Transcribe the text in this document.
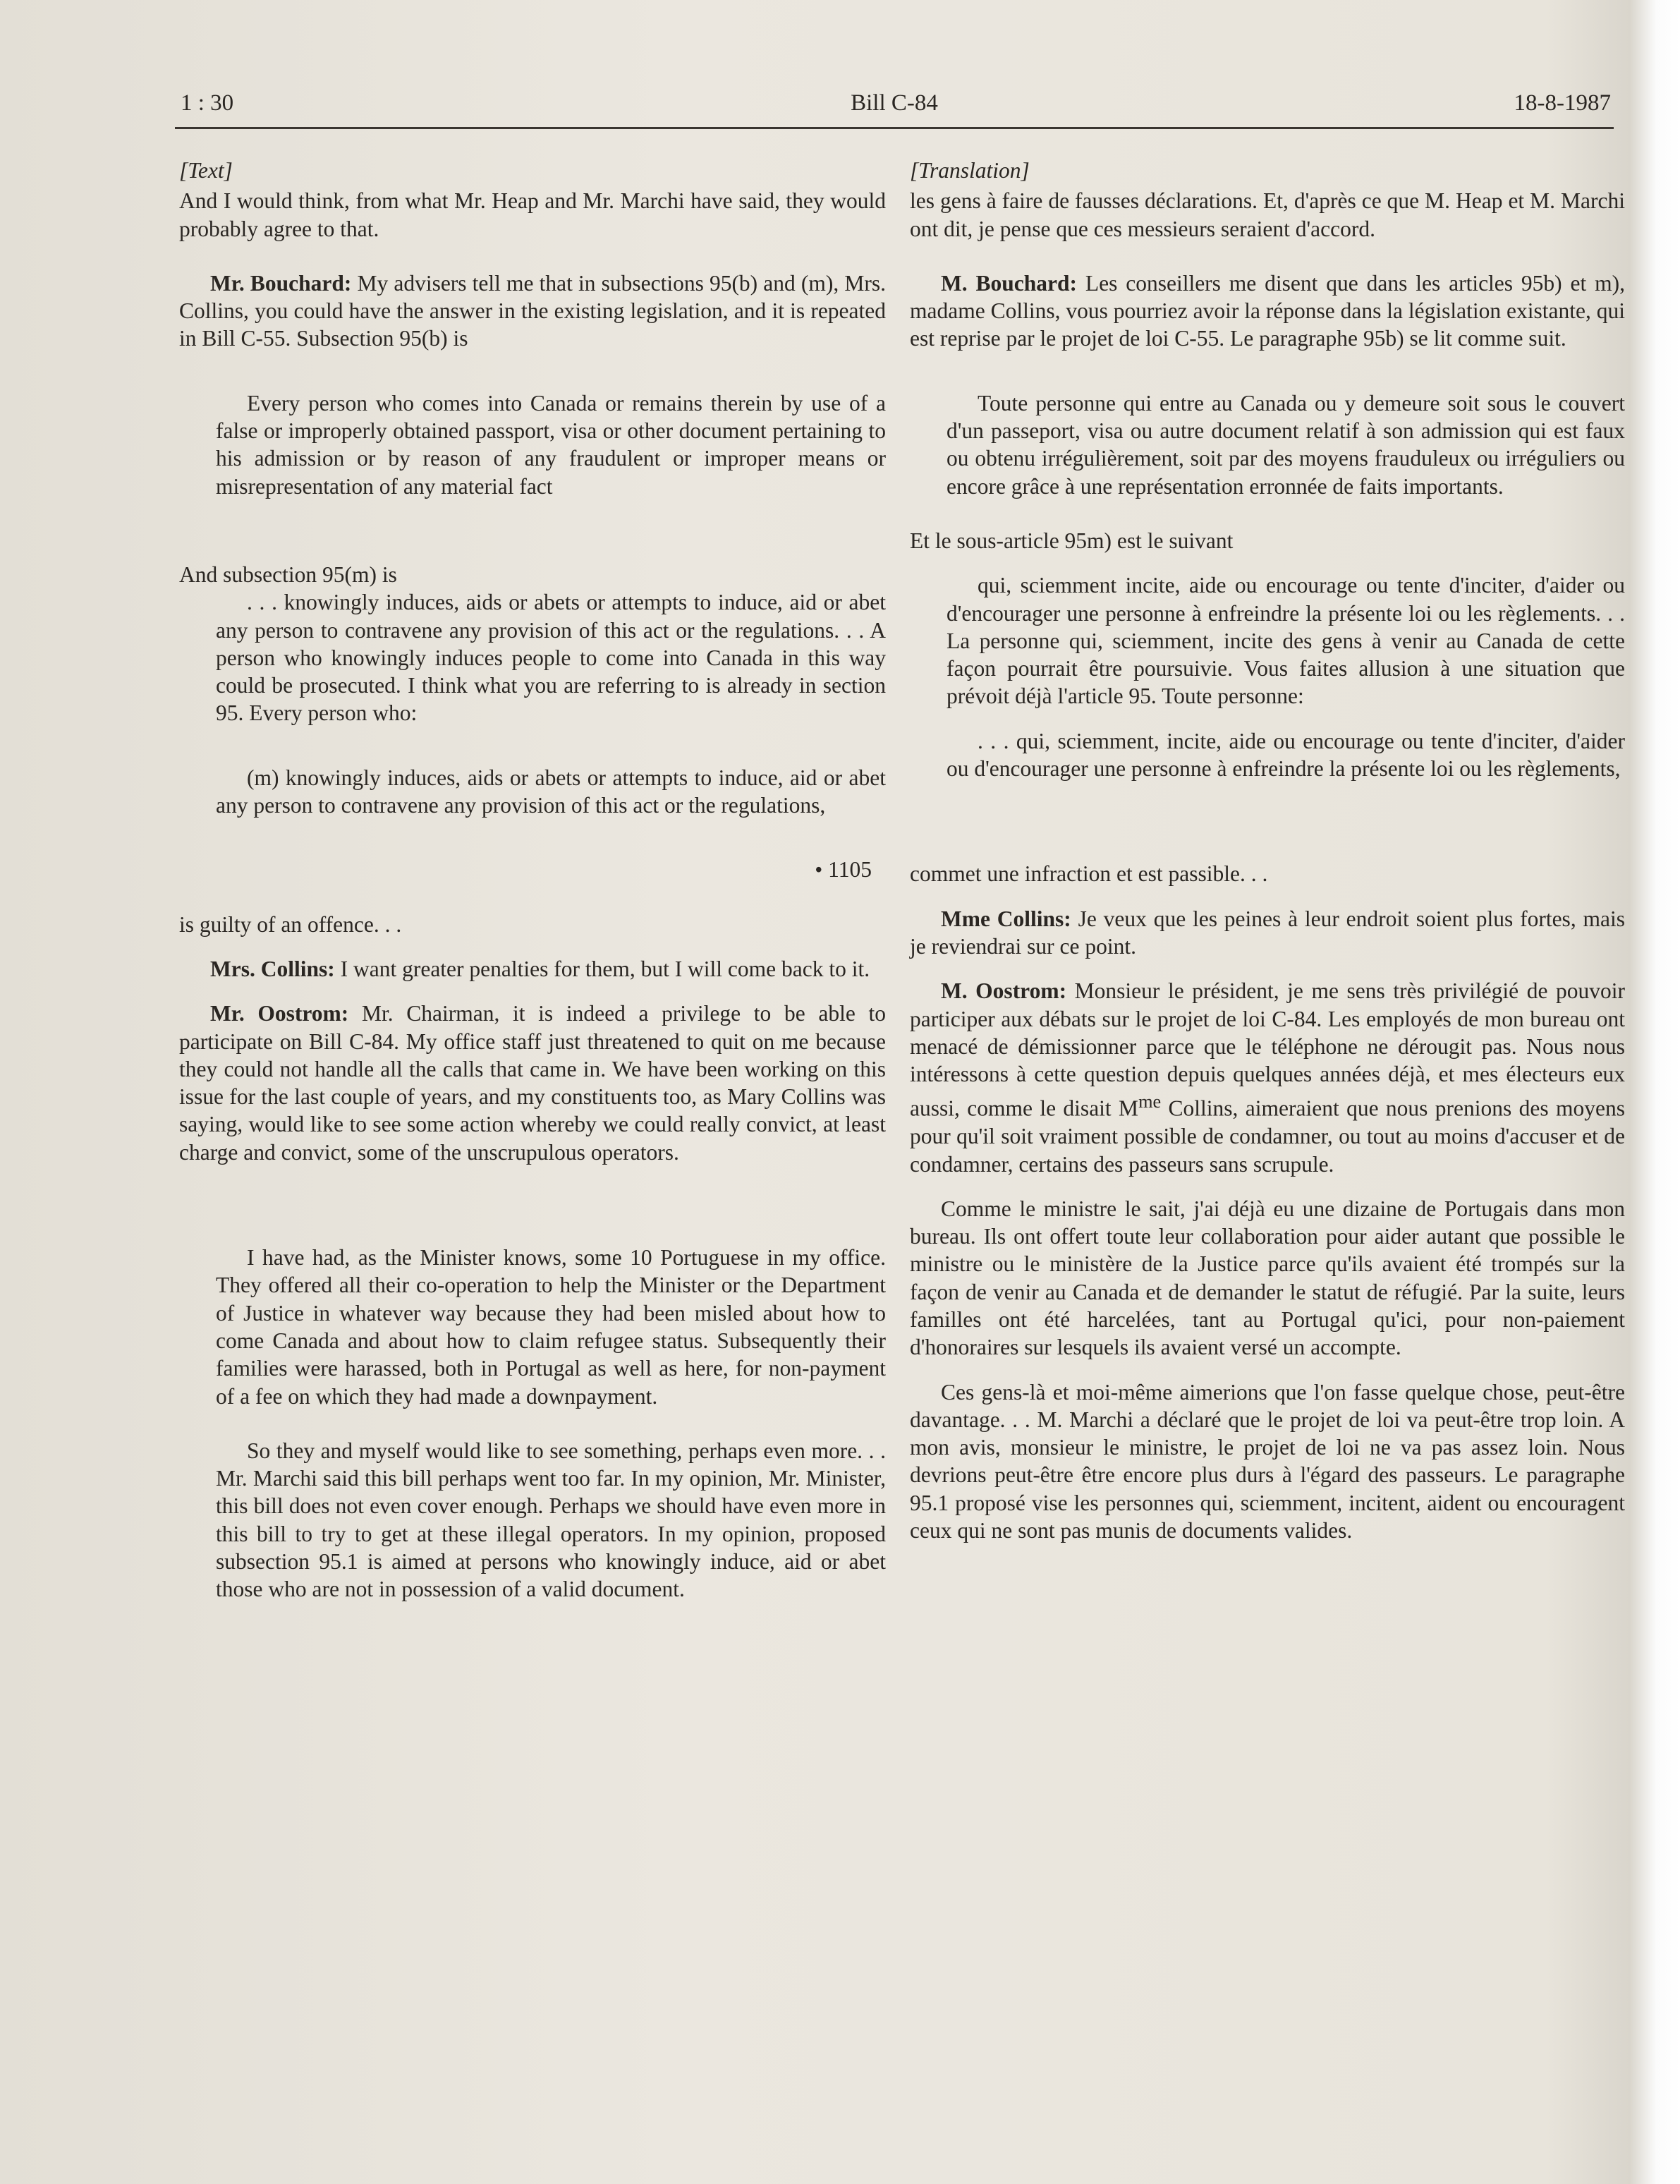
1 : 30	Bill C-84	18-8-1987

[Text]

And I would think, from what Mr. Heap and Mr. Marchi have said, they would probably agree to that.

Mr. Bouchard: My advisers tell me that in subsections 95(b) and (m), Mrs. Collins, you could have the answer in the existing legislation, and it is repeated in Bill C-55. Subsection 95(b) is

Every person who comes into Canada or remains therein by use of a false or improperly obtained passport, visa or other document pertaining to his admission or by reason of any fraudulent or improper means or misrepresentation of any material fact

And subsection 95(m) is

. . . knowingly induces, aids or abets or attempts to induce, aid or abet any person to contravene any provision of this act or the regulations. . . A person who knowingly induces people to come into Canada in this way could be prosecuted. I think what you are referring to is already in section 95. Every person who:

(m) knowingly induces, aids or abets or attempts to induce, aid or abet any person to contravene any provision of this act or the regulations,

• 1105

is guilty of an offence. . .

Mrs. Collins: I want greater penalties for them, but I will come back to it.

Mr. Oostrom: Mr. Chairman, it is indeed a privilege to be able to participate on Bill C-84. My office staff just threatened to quit on me because they could not handle all the calls that came in. We have been working on this issue for the last couple of years, and my constituents too, as Mary Collins was saying, would like to see some action whereby we could really convict, at least charge and convict, some of the unscrupulous operators.

I have had, as the Minister knows, some 10 Portuguese in my office. They offered all their co-operation to help the Minister or the Department of Justice in whatever way because they had been misled about how to come Canada and about how to claim refugee status. Subsequently their families were harassed, both in Portugal as well as here, for non-payment of a fee on which they had made a downpayment.

So they and myself would like to see something, perhaps even more. . . Mr. Marchi said this bill perhaps went too far. In my opinion, Mr. Minister, this bill does not even cover enough. Perhaps we should have even more in this bill to try to get at these illegal operators. In my opinion, proposed subsection 95.1 is aimed at persons who knowingly induce, aid or abet those who are not in possession of a valid document.

[Translation]

les gens à faire de fausses déclarations. Et, d'après ce que M. Heap et M. Marchi ont dit, je pense que ces messieurs seraient d'accord.

M. Bouchard: Les conseillers me disent que dans les articles 95b) et m), madame Collins, vous pourriez avoir la réponse dans la législation existante, qui est reprise par le projet de loi C-55. Le paragraphe 95b) se lit comme suit.

Toute personne qui entre au Canada ou y demeure soit sous le couvert d'un passeport, visa ou autre document relatif à son admission qui est faux ou obtenu irrégulièrement, soit par des moyens frauduleux ou irréguliers ou encore grâce à une représentation erronnée de faits importants.

Et le sous-article 95m) est le suivant

qui, sciemment incite, aide ou encourage ou tente d'inciter, d'aider ou d'encourager une personne à enfreindre la présente loi ou les règlements. . . La personne qui, sciemment, incite des gens à venir au Canada de cette façon pourrait être poursuivie. Vous faites allusion à une situation que prévoit déjà l'article 95. Toute personne:

. . . qui, sciemment, incite, aide ou encourage ou tente d'inciter, d'aider ou d'encourager une personne à enfreindre la présente loi ou les règlements,

commet une infraction et est passible. . .

Mme Collins: Je veux que les peines à leur endroit soient plus fortes, mais je reviendrai sur ce point.

M. Oostrom: Monsieur le président, je me sens très privilégié de pouvoir participer aux débats sur le projet de loi C-84. Les employés de mon bureau ont menacé de démissionner parce que le téléphone ne dérougit pas. Nous nous intéressons à cette question depuis quelques années déjà, et mes électeurs eux aussi, comme le disait $M^{me}$ Collins, aimeraient que nous prenions des moyens pour qu'il soit vraiment possible de condamner, ou tout au moins d'accuser et de condamner, certains des passeurs sans scrupule.

Comme le ministre le sait, j'ai déjà eu une dizaine de Portugais dans mon bureau. Ils ont offert toute leur collaboration pour aider autant que possible le ministre ou le ministère de la Justice parce qu'ils avaient été trompés sur la façon de venir au Canada et de demander le statut de réfugié. Par la suite, leurs familles ont été harcelées, tant au Portugal qu'ici, pour non-paiement d'honoraires sur lesquels ils avaient versé un accompte.

Ces gens-là et moi-même aimerions que l'on fasse quelque chose, peut-être davantage. . . M. Marchi a déclaré que le projet de loi va peut-être trop loin. A mon avis, monsieur le ministre, le projet de loi ne va pas assez loin. Nous devrions peut-être être encore plus durs à l'égard des passeurs. Le paragraphe 95.1 proposé vise les personnes qui, sciemment, incitent, aident ou encouragent ceux qui ne sont pas munis de documents valides.
